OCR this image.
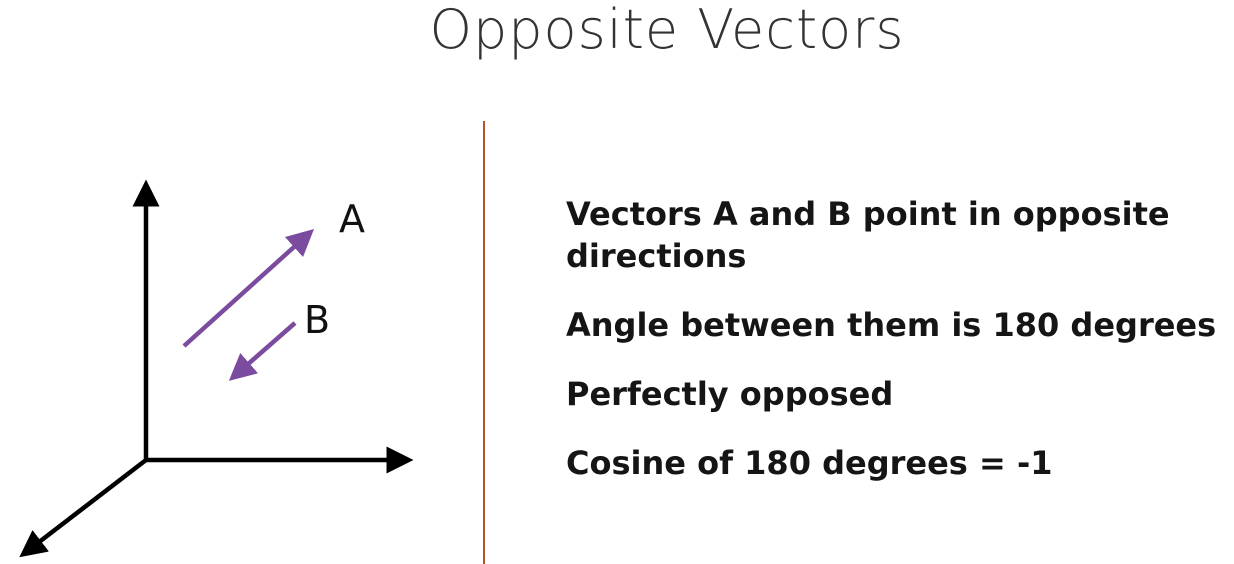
Opposite Vectors
A
B
Vectors A and B point in opposite directions
Angle between them is 180 degrees
Perfectly opposed
Cosine of 180 degrees = -1
